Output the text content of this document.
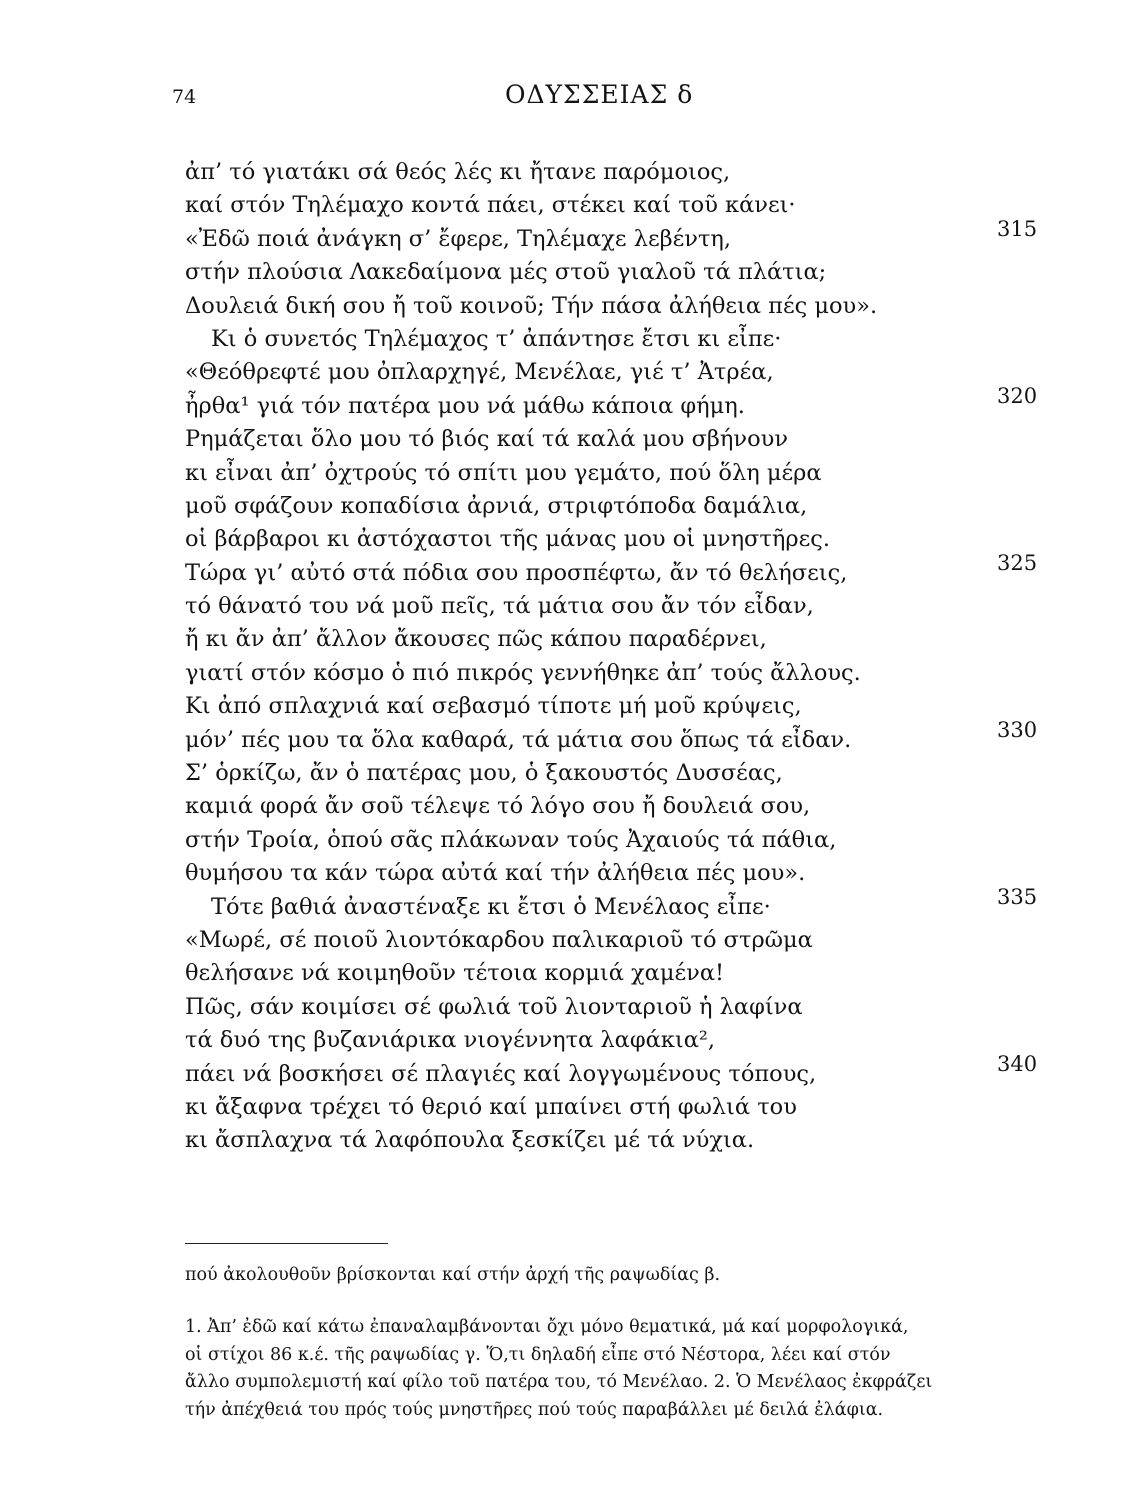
74	ΟΔΥΣΣΕΙΑΣ δ
ἀπ’ τό γιατάκι σά θεός λές κι ἤτανε παρόμοιος,
καί στόν Τηλέμαχο κοντά πάει, στέκει καί τοῦ κάνει·
«Ἐδῶ ποιά ἀνάγκη σ’ ἔφερε, Τηλέμαχε λεβέντη,	315
στήν πλούσια Λακεδαίμονα μές στοῦ γιαλοῦ τά πλάτια;
Δουλειά δική σου ἤ τοῦ κοινοῦ; Τήν πάσα ἀλήθεια πές μου».
Κι ὁ συνετός Τηλέμαχος τ’ ἀπάντησε ἔτσι κι εἶπε·
«Θεόθρεφτέ μου ὀπλαρχηγέ, Μενέλαε, γιέ τ’ Ἀτρέα,
ἦρθα¹ γιά τόν πατέρα μου νά μάθω κάποια φήμη.	320
Ρημάζεται ὅλο μου τό βιός καί τά καλά μου σβήνουν
κι εἶναι ἀπ’ ὀχτρούς τό σπίτι μου γεμάτο, πού ὅλη μέρα
μοῦ σφάζουν κοπαδίσια ἀρνιά, στριφτόποδα δαμάλια,
οἱ βάρβαροι κι ἀστόχαστοι τῆς μάνας μου οἱ μνηστῆρες.
Τώρα γι’ αὐτό στά πόδια σου προσπέφτω, ἄν τό θελήσεις,	325
τό θάνατό του νά μοῦ πεῖς, τά μάτια σου ἄν τόν εἶδαν,
ἤ κι ἄν ἀπ’ ἄλλον ἄκουσες πῶς κάπου παραδέρνει,
γιατί στόν κόσμο ὁ πιό πικρός γεννήθηκε ἀπ’ τούς ἄλλους.
Κι ἀπό σπλαχνιά καί σεβασμό τίποτε μή μοῦ κρύψεις,
μόν’ πές μου τα ὅλα καθαρά, τά μάτια σου ὅπως τά εἶδαν.	330
Σ’ ὁρκίζω, ἄν ὁ πατέρας μου, ὁ ξακουστός Δυσσέας,
καμιά φορά ἄν σοῦ τέλεψε τό λόγο σου ἤ δουλειά σου,
στήν Τροία, ὁπού σᾶς πλάκωναν τούς Ἀχαιούς τά πάθια,
θυμήσου τα κάν τώρα αὐτά καί τήν ἀλήθεια πές μου».
Τότε βαθιά ἀναστέναξε κι ἔτσι ὁ Μενέλαος εἶπε·	335
«Μωρέ, σέ ποιοῦ λιοντόκαρδου παλικαριοῦ τό στρῶμα
θελήσανε νά κοιμηθοῦν τέτοια κορμιά χαμένα!
Πῶς, σάν κοιμίσει σέ φωλιά τοῦ λιονταριοῦ ἡ λαφίνα
τά δυό της βυζανιάρικα νιογέννητα λαφάκια²,
πάει νά βοσκήσει σέ πλαγιές καί λογγωμένους τόπους,	340
κι ἄξαφνα τρέχει τό θεριό καί μπαίνει στή φωλιά του
κι ἄσπλαχνα τά λαφόπουλα ξεσκίζει μέ τά νύχια.
πού ἀκολουθοῦν βρίσκονται καί στήν ἀρχή τῆς ραψωδίας β.
1. Ἀπ’ ἐδῶ καί κάτω ἐπαναλαμβάνονται ὄχι μόνο θεματικά, μά καί μορφολογικά,
οἱ στίχοι 86 κ.έ. τῆς ραψωδίας γ. Ὅ,τι δηλαδή εἶπε στό Νέστορα, λέει καί στόν
ἄλλο συμπολεμιστή καί φίλο τοῦ πατέρα του, τό Μενέλαο. 2. Ὁ Μενέλαος ἐκφράζει
τήν ἀπέχθειά του πρός τούς μνηστῆρες πού τούς παραβάλλει μέ δειλά ἐλάφια.
